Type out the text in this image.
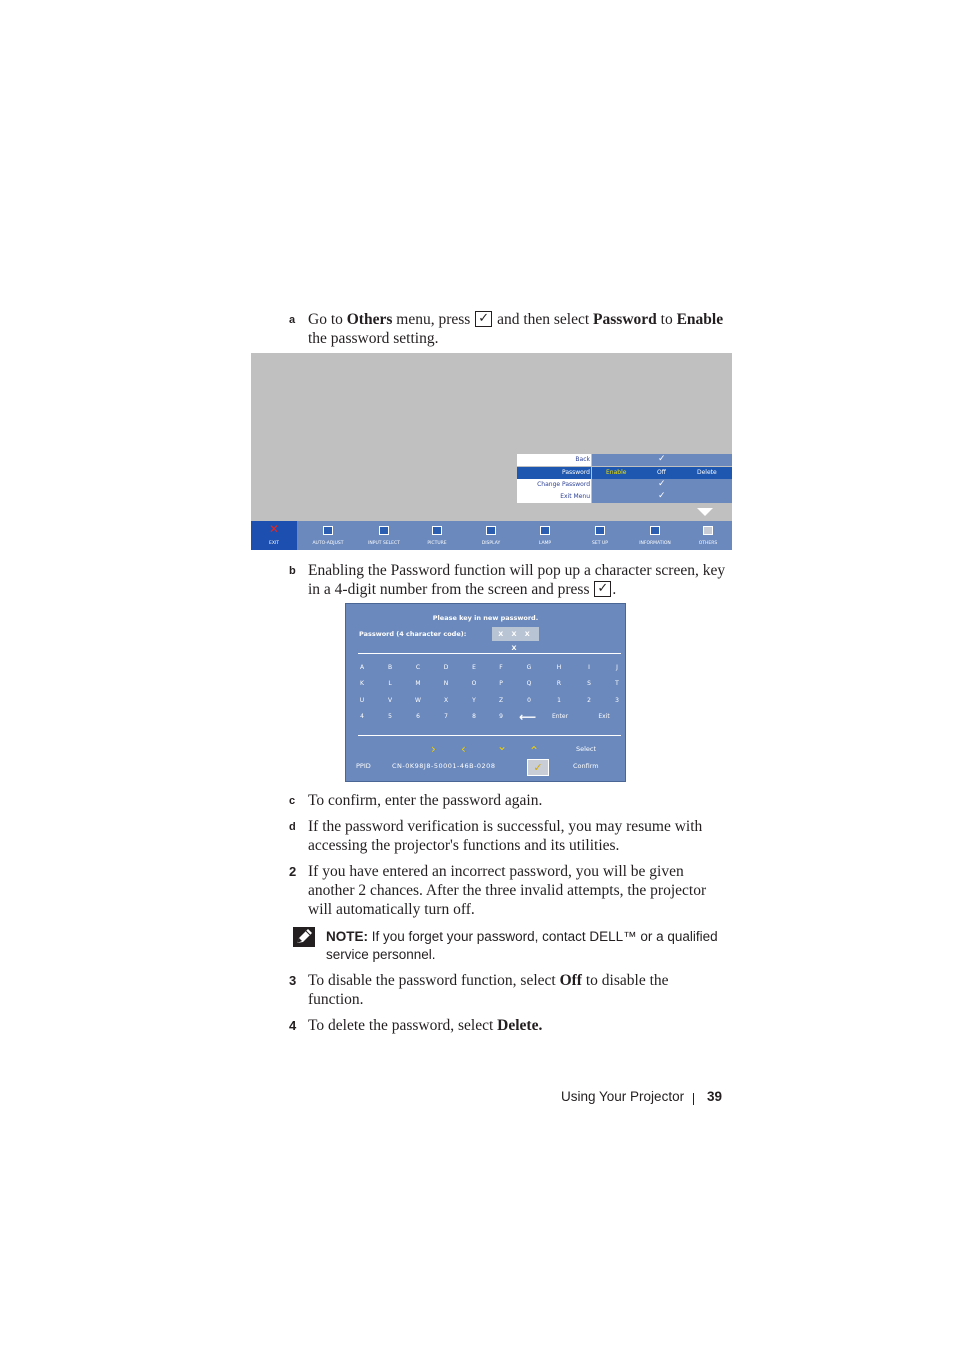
a Go to Others menu, press ✓ and then select Password to Enable
the password setting.
Back	✓
Password	Enable	Off	Delete
Change Password	✓
Exit Menu	✓
✕
EXIT	AUTO-ADJUST	INPUT SELECT	PICTURE	DISPLAY	LAMP	SET UP	INFORMATION	OTHERS
b Enabling the Password function will pop up a character screen, key
in a 4-digit number from the screen and press ✓.
Please key in new password.
Password (4 character code):	X X X X
A	B	C	D	E	F	G	H	I	J
K	L	M	N	O	P	Q	R	S	T
U	V	W	X	Y	Z	0	1	2	3
4	5	6	7	8	9	⟵	Enter	Exit
› ‹	⌄ ⌃	Select
PPID	CN-0K98J8-50001-46B-0208	✓	Confirm
c To confirm, enter the password again.
d If the password verification is successful, you may resume with
accessing the projector's functions and its utilities.
2 If you have entered an incorrect password, you will be given
another 2 chances. After the three invalid attempts, the projector
will automatically turn off.
NOTE: If you forget your password, contact DELL™ or a qualified
service personnel.
3 To disable the password function, select Off to disable the
function.
4 To delete the password, select Delete.
Using Your Projector 39
